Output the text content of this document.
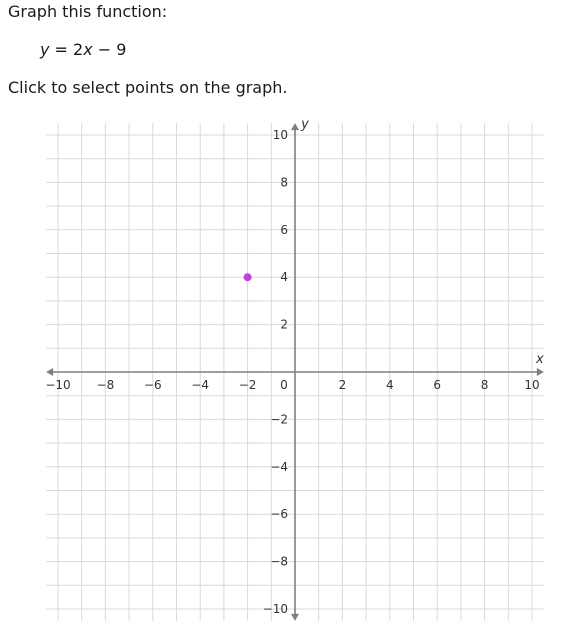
Graph this function:
y = 2x − 9
Click to select points on the graph.
x
y
−10 −8 −6 −4 −2 0	2	4	6	8	10
10
8
6
4
2
−2
−4
−6
−8
−10
